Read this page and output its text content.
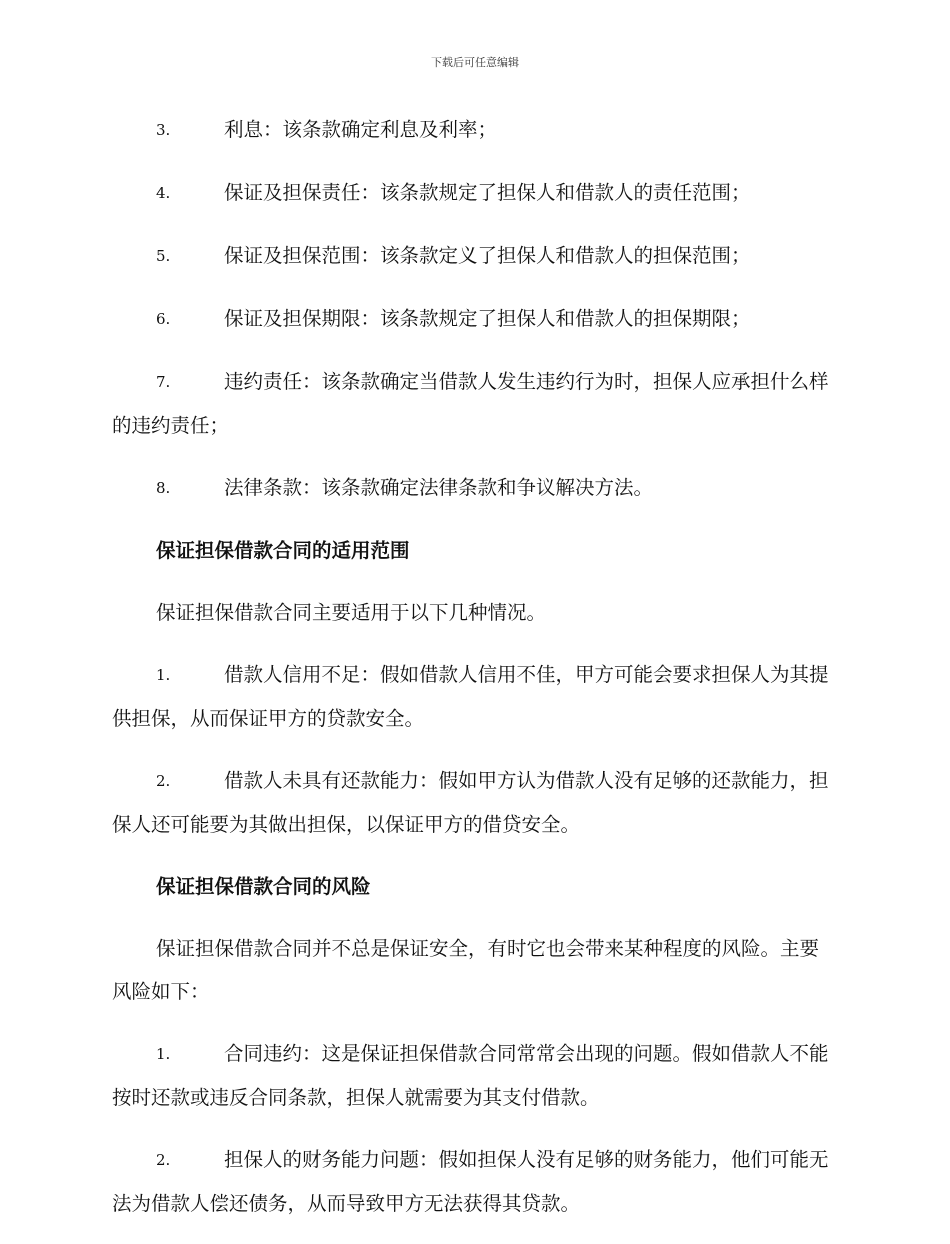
下载后可任意编辑

3.	利息：该条款确定利息及利率；

4.	保证及担保责任：该条款规定了担保人和借款人的责任范围；

5.	保证及担保范围：该条款定义了担保人和借款人的担保范围；

6.	保证及担保期限：该条款规定了担保人和借款人的担保期限；

7.	违约责任：该条款确定当借款人发生违约行为时，担保人应承担什么样的违约责任；

8.	法律条款：该条款确定法律条款和争议解决方法。

保证担保借款合同的适用范围

保证担保借款合同主要适用于以下几种情况。

1.	借款人信用不足：假如借款人信用不佳，甲方可能会要求担保人为其提供担保，从而保证甲方的贷款安全。

2.	借款人未具有还款能力：假如甲方认为借款人没有足够的还款能力，担保人还可能要为其做出担保，以保证甲方的借贷安全。

保证担保借款合同的风险

保证担保借款合同并不总是保证安全，有时它也会带来某种程度的风险。主要风险如下：

1.	合同违约：这是保证担保借款合同常常会出现的问题。假如借款人不能按时还款或违反合同条款，担保人就需要为其支付借款。

2.	担保人的财务能力问题：假如担保人没有足够的财务能力，他们可能无法为借款人偿还债务，从而导致甲方无法获得其贷款。
